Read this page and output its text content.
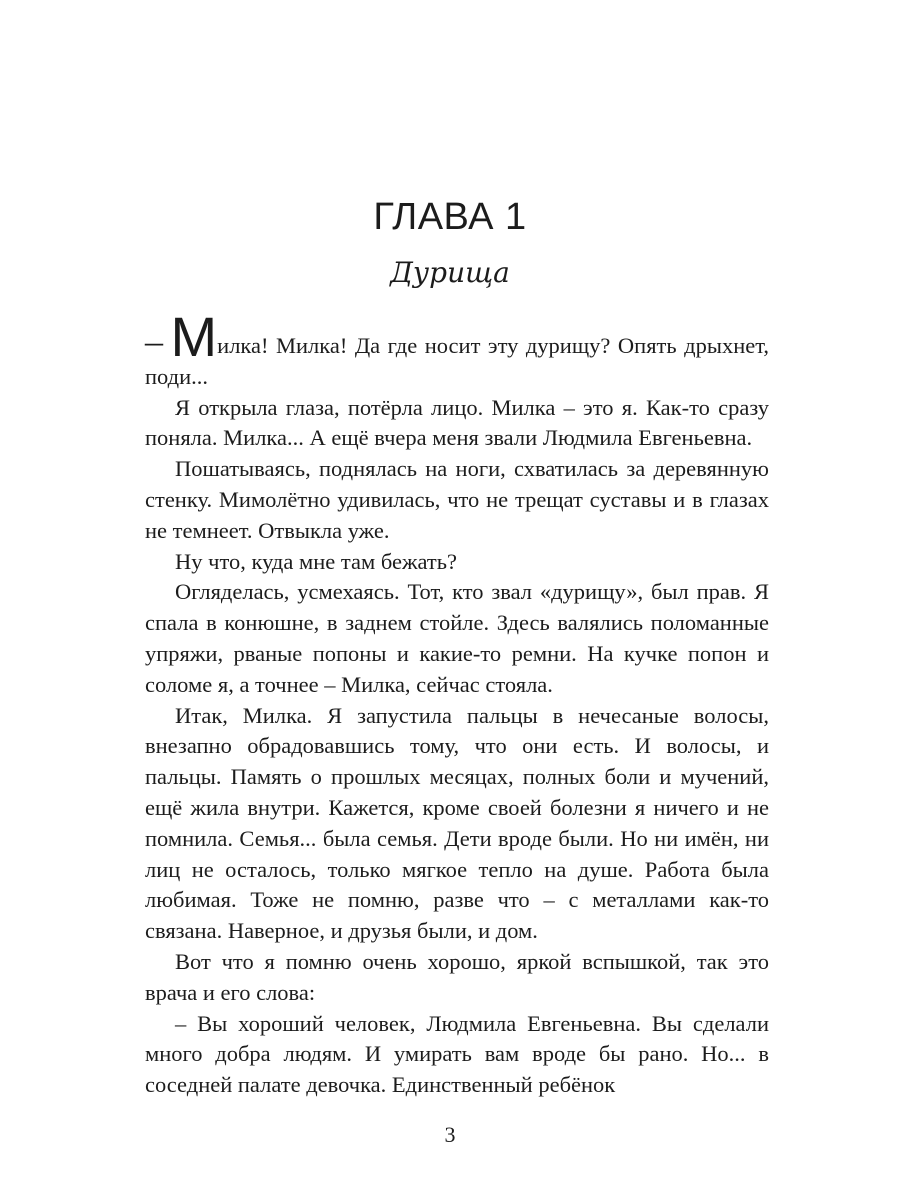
ГЛАВА 1
Дурища

– Милка! Милка! Да где носит эту дурищу? Опять дрыхнет, поди...

Я открыла глаза, потёрла лицо. Милка – это я. Как-то сразу поняла. Милка... А ещё вчера меня звали Людмила Евгеньевна.

Пошатываясь, поднялась на ноги, схватилась за деревянную стенку. Мимолётно удивилась, что не трещат суставы и в глазах не темнеет. Отвыкла уже.

Ну что, куда мне там бежать?

Огляделась, усмехаясь. Тот, кто звал «дурищу», был прав. Я спала в конюшне, в заднем стойле. Здесь валялись поломанные упряжи, рваные попоны и какие-то ремни. На кучке попон и соломе я, а точнее – Милка, сейчас стояла.

Итак, Милка. Я запустила пальцы в нечесаные волосы, внезапно обрадовавшись тому, что они есть. И волосы, и пальцы. Память о прошлых месяцах, полных боли и мучений, ещё жила внутри. Кажется, кроме своей болезни я ничего и не помнила. Семья... была семья. Дети вроде были. Но ни имён, ни лиц не осталось, только мягкое тепло на душе. Работа была любимая. Тоже не помню, разве что – с металлами как-то связана. Наверное, и друзья были, и дом.

Вот что я помню очень хорошо, яркой вспышкой, так это врача и его слова:

– Вы хороший человек, Людмила Евгеньевна. Вы сделали много добра людям. И умирать вам вроде бы рано. Но... в соседней палате девочка. Единственный ребёнок

3
